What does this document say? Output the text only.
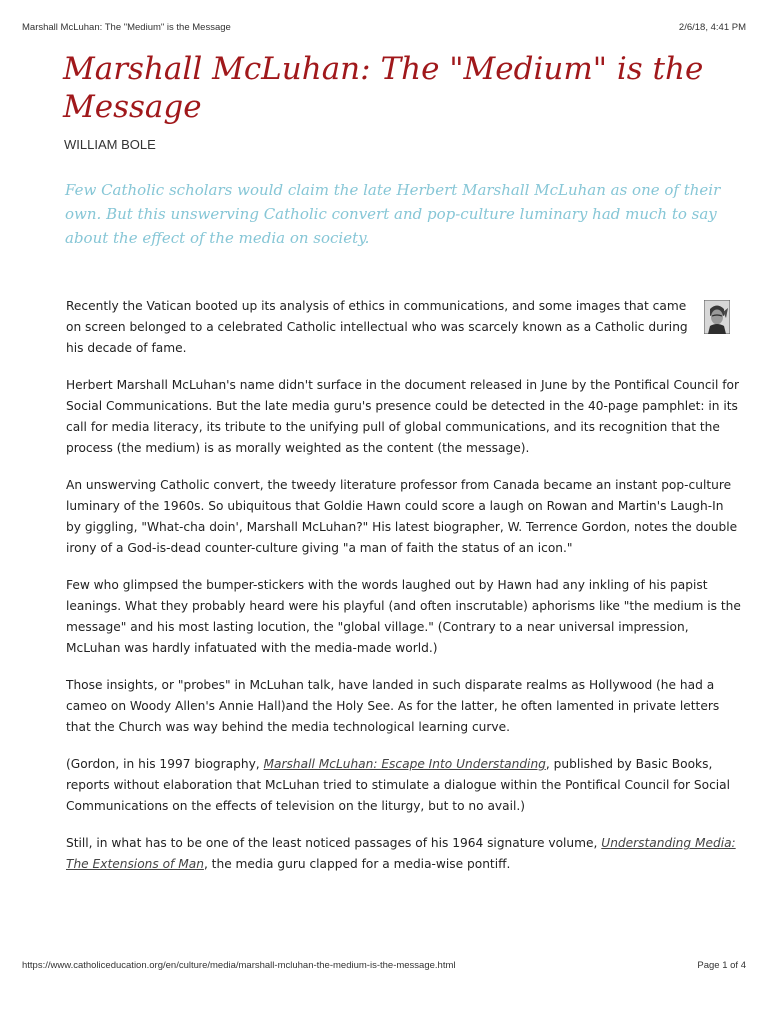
Marshall McLuhan: The "Medium" is the Message	2/6/18, 4:41 PM
Marshall McLuhan: The "Medium" is the Message

WILLIAM BOLE

Few Catholic scholars would claim the late Herbert Marshall McLuhan as one of their own. But this unswerving Catholic convert and pop-culture luminary had much to say about the effect of the media on society.

Recently the Vatican booted up its analysis of ethics in communications, and some images that came on screen belonged to a celebrated Catholic intellectual who was scarcely known as a Catholic during his decade of fame.

Herbert Marshall McLuhan's name didn't surface in the document released in June by the Pontifical Council for Social Communications. But the late media guru's presence could be detected in the 40-page pamphlet: in its call for media literacy, its tribute to the unifying pull of global communications, and its recognition that the process (the medium) is as morally weighted as the content (the message).

An unswerving Catholic convert, the tweedy literature professor from Canada became an instant pop-culture luminary of the 1960s. So ubiquitous that Goldie Hawn could score a laugh on Rowan and Martin's Laugh-In by giggling, "What-cha doin', Marshall McLuhan?" His latest biographer, W. Terrence Gordon, notes the double irony of a God-is-dead counter-culture giving "a man of faith the status of an icon."

Few who glimpsed the bumper-stickers with the words laughed out by Hawn had any inkling of his papist leanings. What they probably heard were his playful (and often inscrutable) aphorisms like "the medium is the message" and his most lasting locution, the "global village." (Contrary to a near universal impression, McLuhan was hardly infatuated with the media-made world.)

Those insights, or "probes" in McLuhan talk, have landed in such disparate realms as Hollywood (he had a cameo on Woody Allen's Annie Hall)and the Holy See. As for the latter, he often lamented in private letters that the Church was way behind the media technological learning curve.

(Gordon, in his 1997 biography, Marshall McLuhan: Escape Into Understanding, published by Basic Books, reports without elaboration that McLuhan tried to stimulate a dialogue within the Pontifical Council for Social Communications on the effects of television on the liturgy, but to no avail.)

Still, in what has to be one of the least noticed passages of his 1964 signature volume, Understanding Media: The Extensions of Man, the media guru clapped for a media-wise pontiff.

https://www.catholiceducation.org/en/culture/media/marshall-mcluhan-the-medium-is-the-message.html	Page 1 of 4
